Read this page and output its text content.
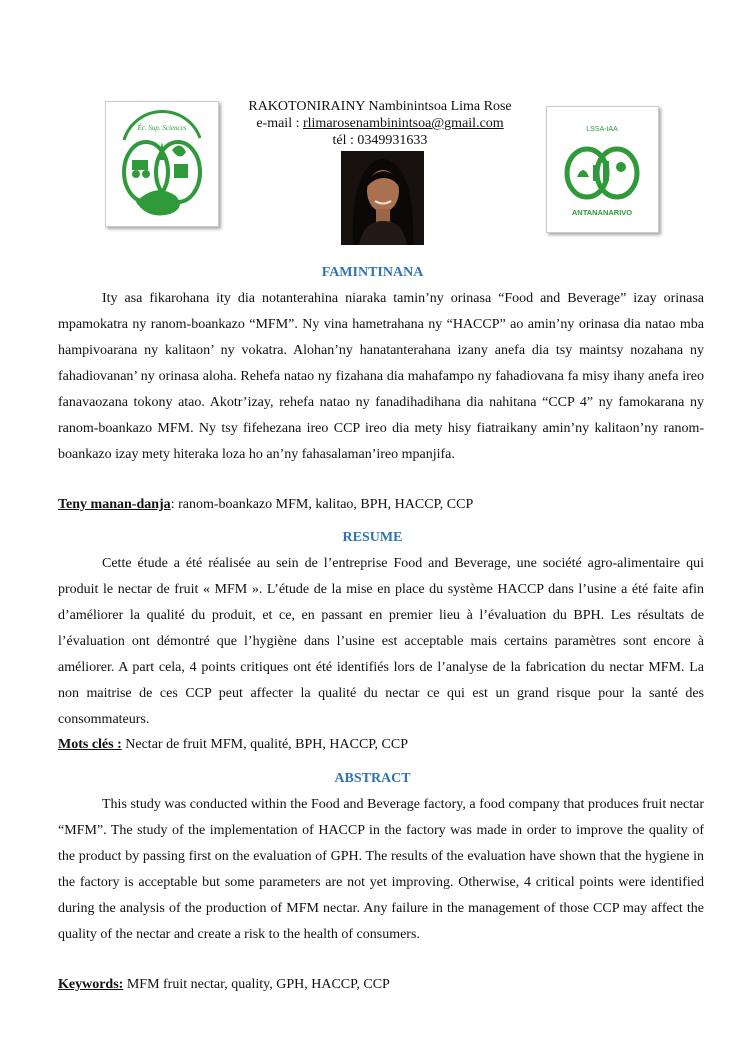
Éc. Sup. Sciences	LSSA-IAA
ANTANANARIVO
RAKOTONIRAINY Nambinintsoa Lima Rose
e-mail : rlimarosenambinintsoa@gmail.com
tél : 0349931633
FAMINTINANA

Ity asa fikarohana ity dia notanterahina niaraka tamin’ny orinasa “Food and Beverage” izay orinasa mpamokatra ny ranom-boankazo “MFM”. Ny vina hametrahana ny “HACCP” ao amin’ny orinasa dia natao mba hampivoarana ny kalitaon’ ny vokatra. Alohan’ny hanatanterahana izany anefa dia tsy maintsy nozahana ny fahadiovanan’ ny orinasa aloha. Rehefa natao ny fizahana dia mahafampo ny fahadiovana fa misy ihany anefa ireo fanavaozana tokony atao. Akotr’izay, rehefa natao ny fanadihadihana dia nahitana “CCP 4” ny famokarana ny ranom-boankazo MFM. Ny tsy fifehezana ireo CCP ireo dia mety hisy fiatraikany amin’ny kalitaon’ny ranom-boankazo izay mety hiteraka loza ho an’ny fahasalaman’ireo mpanjifa.

Teny manan-danja: ranom-boankazo MFM, kalitao, BPH, HACCP, CCP
RESUME

Cette étude a été réalisée au sein de l’entreprise Food and Beverage, une société agro-alimentaire qui produit le nectar de fruit « MFM ». L’étude de la mise en place du système HACCP dans l’usine a été faite afin d’améliorer la qualité du produit, et ce, en passant en premier lieu à l’évaluation du BPH. Les résultats de l’évaluation ont démontré que l’hygiène dans l’usine est acceptable mais certains paramètres sont encore à améliorer. A part cela, 4 points critiques ont été identifiés lors de l’analyse de la fabrication du nectar MFM. La non maitrise de ces CCP peut affecter la qualité du nectar ce qui est un grand risque pour la santé des consommateurs.

Mots clés : Nectar de fruit MFM, qualité, BPH, HACCP, CCP
ABSTRACT

This study was conducted within the Food and Beverage factory, a food company that produces fruit nectar “MFM”. The study of the implementation of HACCP in the factory was made in order to improve the quality of the product by passing first on the evaluation of GPH. The results of the evaluation have shown that the hygiene in the factory is acceptable but some parameters are not yet improving. Otherwise, 4 critical points were identified during the analysis of the production of MFM nectar. Any failure in the management of those CCP may affect the quality of the nectar and create a risk to the health of consumers.

Keywords: MFM fruit nectar, quality, GPH, HACCP, CCP
